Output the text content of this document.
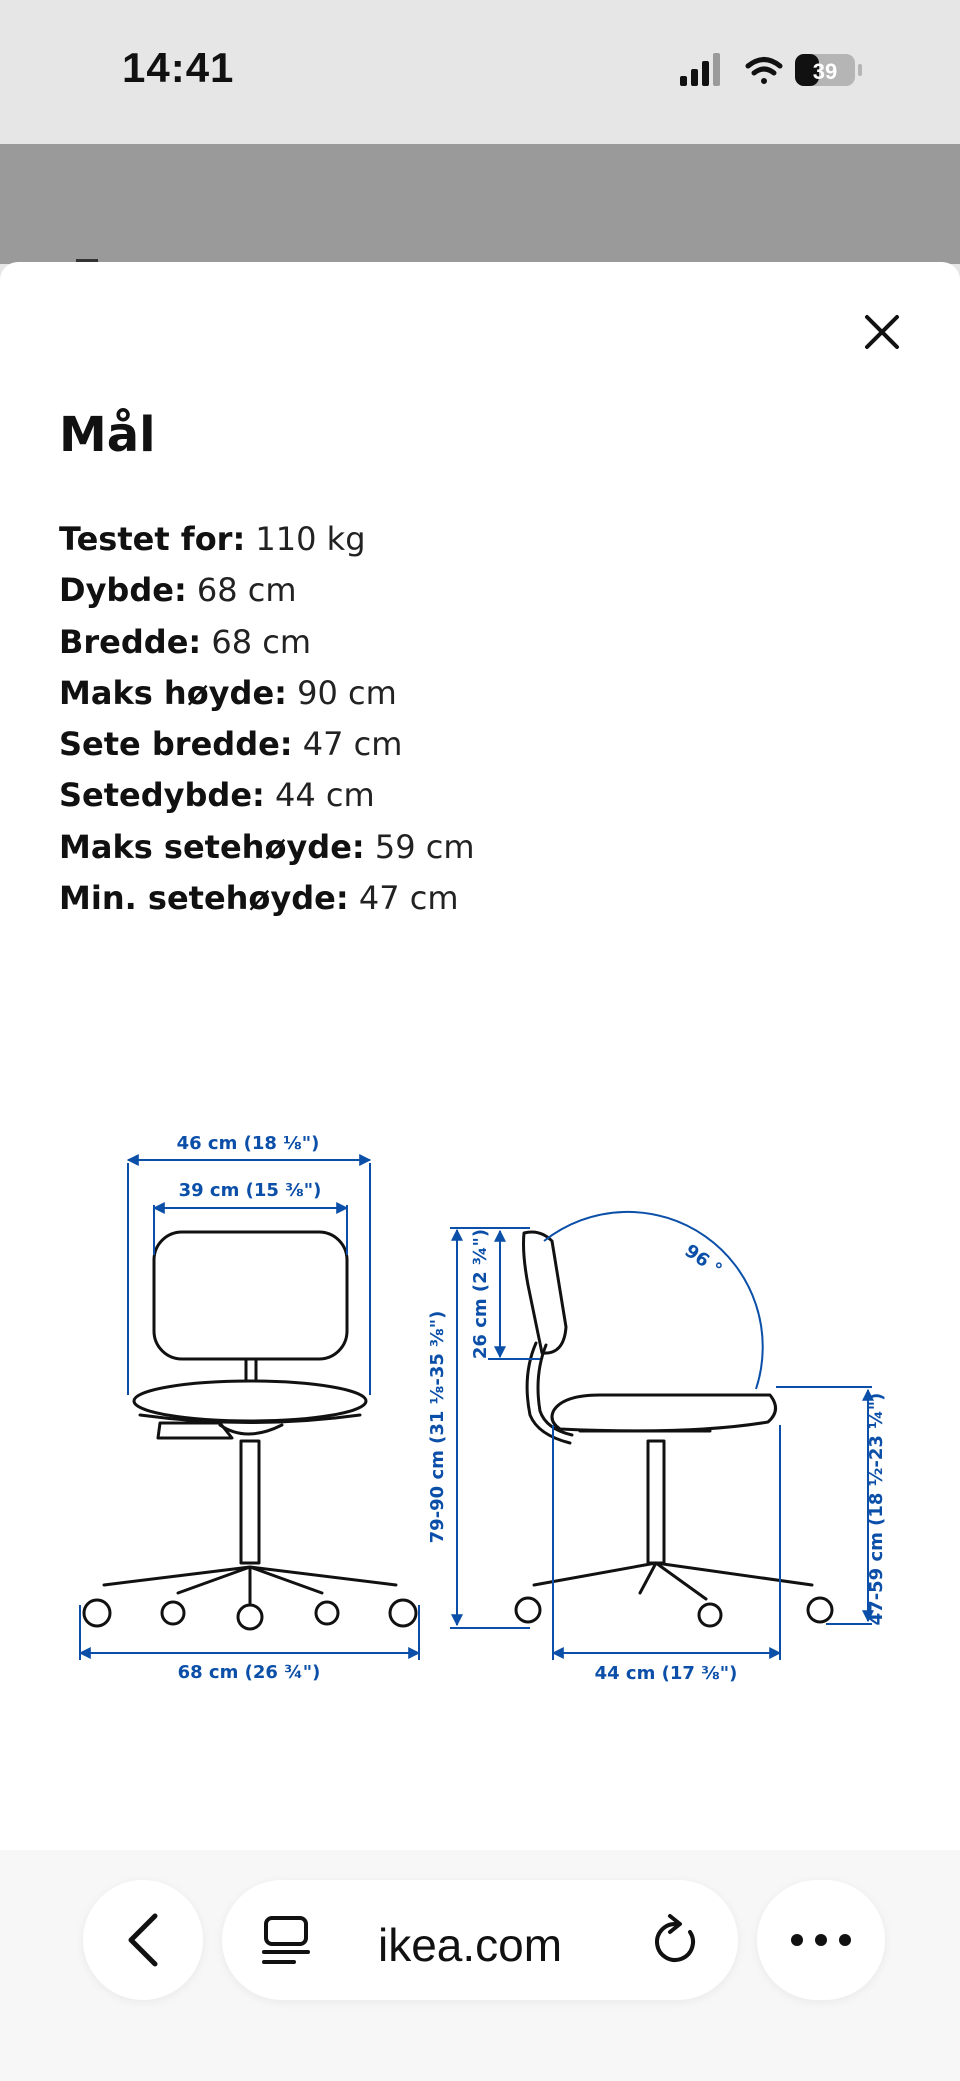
14:41	39
Mål
Testet for: 110 kg
Dybde: 68 cm
Bredde: 68 cm
Maks høyde: 90 cm
Sete bredde: 47 cm
Setedybde: 44 cm
Maks setehøyde: 59 cm
Min. setehøyde: 47 cm
46 cm (18 ⅛")
39 cm (15 ⅜")
68 cm (26 ¾")
79-90 cm (31 ⅛-35 ⅜")
26 cm (2 ¾")	96 °
47-59 cm (18 ½-23 ¼")
44 cm (17 ⅜")
ikea.com
